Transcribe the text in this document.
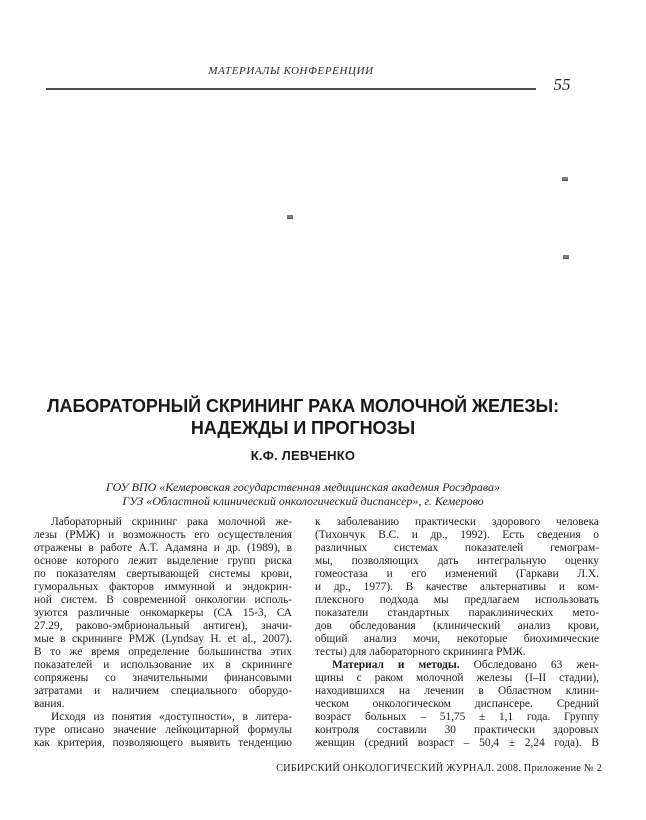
МАТЕРИАЛЫ КОНФЕРЕНЦИИ
55
ЛАБОРАТОРНЫЙ СКРИНИНГ РАКА МОЛОЧНОЙ ЖЕЛЕЗЫ:
НАДЕЖДЫ И ПРОГНОЗЫ
К.Ф. ЛЕВЧЕНКО
ГОУ ВПО «Кемеровская государственная медицинская академия Росздрава»
ГУЗ «Областной клинический онкологический диспансер», г. Кемерово
Лабораторный скрининг рака молочной же-
лезы (РМЖ) и возможность его осуществления
отражены в работе А.Т. Адамяна и др. (1989), в
основе которого лежит выделение групп риска
по показателям свертывающей системы крови,
гуморальных факторов иммунной и эндокрин-
ной систем. В современной онкологии исполь-
зуются различные онкомаркеры (СА 15-3, СА
27.29, раково-эмбриональный антиген), значи-
мые в скрининге РМЖ (Lyndsay H. et al., 2007).
В то же время определение большинства этих
показателей и использование их в скрининге
сопряжены со значительными финансовыми
затратами и наличием специального оборудо-
вания.
Исходя из понятия «доступности», в литера-
туре описано значение лейкоцитарной формулы
как критерия, позволяющего выявить тенденцию
к заболеванию практически здорового человека
(Тихончук В.С. и др., 1992). Есть сведения о
различных системах показателей гемограм-
мы, позволяющих дать интегральную оценку
гомеостаза и его изменений (Гаркави Л.Х.
и др., 1977). В качестве альтернативы и ком-
плексного подхода мы предлагаем использовать
показатели стандартных параклинических мето-
дов обследования (клинический анализ крови,
общий анализ мочи, некоторые биохимические
тесты) для лабораторного скрининга РМЖ.
Материал и методы. Обследовано 63 жен-
щины с раком молочной железы (I–II стадии),
находившихся на лечении в Областном клини-
ческом онкологическом диспансере. Средний
возраст больных – 51,75 ± 1,1 года. Группу
контроля составили 30 практически здоровых
женщин (средний возраст – 50,4 ± 2,24 года). В
СИБИРСКИЙ ОНКОЛОГИЧЕСКИЙ ЖУРНАЛ. 2008. Приложение № 2
